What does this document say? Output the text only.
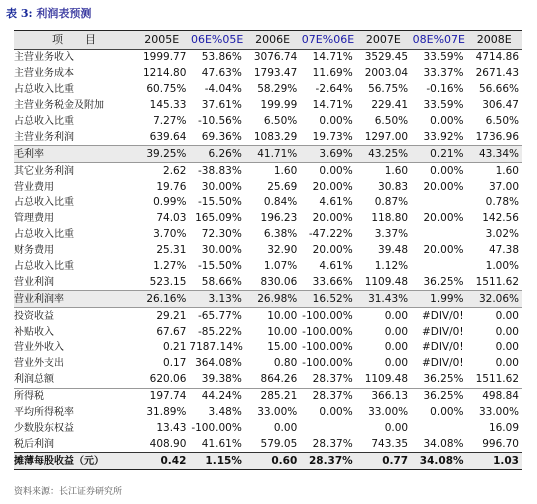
表 3: 利润表预测
项目	2005E	06E%05E	2006E	07E%06E	2007E	08E%07E	2008E
主营业务收入	1999.77	53.86%	3076.74	14.71%	3529.45	33.59%	4714.86
主营业务成本	1214.80	47.63%	1793.47	11.69%	2003.04	33.37%	2671.43
占总收入比重	60.75%	-4.04%	58.29%	-2.64%	56.75%	-0.16%	56.66%
主营业务税金及附加	145.33	37.61%	199.99	14.71%	229.41	33.59%	306.47
占总收入比重	7.27%	-10.56%	6.50%	0.00%	6.50%	0.00%	6.50%
主营业务利润	639.64	69.36%	1083.29	19.73%	1297.00	33.92%	1736.96
毛利率	39.25%	6.26%	41.71%	3.69%	43.25%	0.21%	43.34%
其它业务利润	2.62	-38.83%	1.60	0.00%	1.60	0.00%	1.60
营业费用	19.76	30.00%	25.69	20.00%	30.83	20.00%	37.00
占总收入比重	0.99%	-15.50%	0.84%	4.61%	0.87%		0.78%
管理费用	74.03	165.09%	196.23	20.00%	118.80	20.00%	142.56
占总收入比重	3.70%	72.30%	6.38%	-47.22%	3.37%		3.02%
财务费用	25.31	30.00%	32.90	20.00%	39.48	20.00%	47.38
占总收入比重	1.27%	-15.50%	1.07%	4.61%	1.12%		1.00%
营业利润	523.15	58.66%	830.06	33.66%	1109.48	36.25%	1511.62
营业利润率	26.16%	3.13%	26.98%	16.52%	31.43%	1.99%	32.06%
投资收益	29.21	-65.77%	10.00	-100.00%	0.00	#DIV/0!	0.00
补贴收入	67.67	-85.22%	10.00	-100.00%	0.00	#DIV/0!	0.00
营业外收入	0.21	7187.14%	15.00	-100.00%	0.00	#DIV/0!	0.00
营业外支出	0.17	364.08%	0.80	-100.00%	0.00	#DIV/0!	0.00
利润总额	620.06	39.38%	864.26	28.37%	1109.48	36.25%	1511.62
所得税	197.74	44.24%	285.21	28.37%	366.13	36.25%	498.84
平均所得税率	31.89%	3.48%	33.00%	0.00%	33.00%	0.00%	33.00%
少数股东权益	13.43	-100.00%	0.00		0.00		16.09
税后利润	408.90	41.61%	579.05	28.37%	743.35	34.08%	996.70
摊薄每股收益（元）	0.42	1.15%	0.60	28.37%	0.77	34.08%	1.03
资料来源：长江证券研究所
